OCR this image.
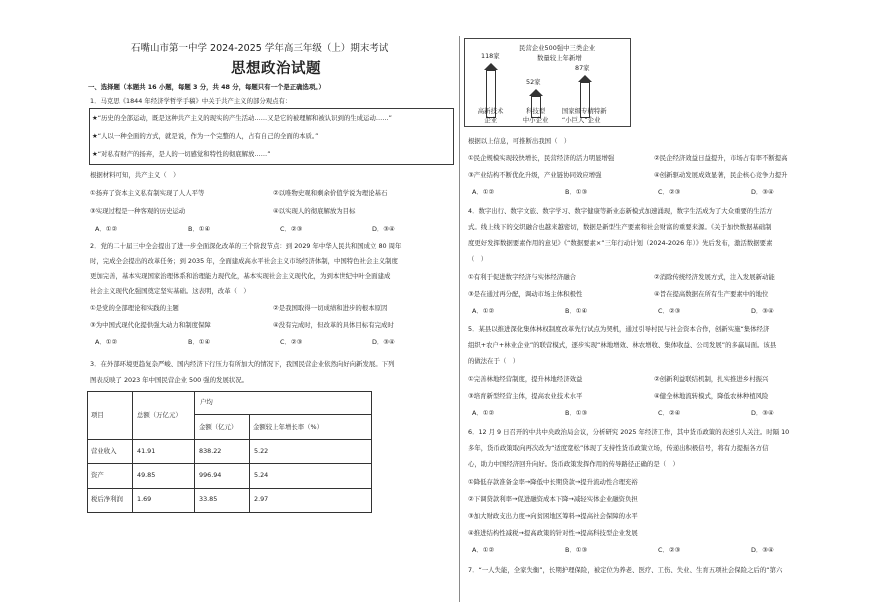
石嘴山市第一中学 2024-2025 学年高三年级（上）期末考试
思想政治试题
一、选择题（本题共 16 小题，每题 3 分，共 48 分，每题只有一个是正确选项。）
1．马克思《1844 年经济学哲学手稿》中关于共产主义的部分观点有：
★“历史的全部运动，既是这种共产主义的现实的产生活动……又是它的被理解和被认识到的生成运动……”
★“人以一种全面的方式，就是说，作为一个完整的人，占有自己的全面的本质。”
★“对私有财产的扬弃，是人的一切感觉和特性的彻底解放……”
根据材料可知，共产主义（　）
①扬弃了资本主义私有制实现了人人平等	②以唯物史观和剩余价值学说为理论基石
③实现过程是一种客观的历史运动	④以实现人的彻底解放为目标
A．①②	B．①④	C．②③	D．③④
2．党的二十届三中全会提出了进一步全面深化改革的三个阶段节点：到 2029 年中华人民共和国成立 80 周年
时，完成全会提出的改革任务；到 2035 年，全面建成高水平社会主义市场经济体制，中国特色社会主义制度
更加完善，基本实现国家治理体系和治理能力现代化，基本实现社会主义现代化，为到本世纪中叶全面建成
社会主义现代化强国奠定坚实基础。这表明，改革（　）
①是党的全部理论和实践的主题	②是我国取得一切成绩和进步的根本原因
③为中国式现代化提供强大动力和制度保障	④没有完成时，但改革的具体目标有完成时
A．①②	B．①④	C．②③	D．③④
3．在外部环境更趋复杂严峻、国内经济下行压力有所加大的情况下，我国民营企业依然向好向新发展。下列
图表反映了 2023 年中国民营企业 500 强的发展状况。
户均
项目	总额（万亿元）
金额（亿元） 金额较上年增长率（%）
营业收入	41.91	838.22	5.22
资产	49.85	996.94	5.24
税后净利润 1.69	33.85	2.97
民营企业500强中三类企业
数量较上年新增
118家
高新技术
企业
52家
科技型
中小企业
87家
国家级专精特新
“小巨人”企业
根据以上信息，可推断出我国（　）
①民企规模实现较快增长，民营经济的活力明显增强	②民企经济效益日益提升，市场占有率不断提高
③产业结构不断优化升级，产业链协同效应增强	④创新驱动发展成效显著，民企核心竞争力提升
A．①②	B．①③	C．②③	D．③④
4．数字出行、数字文旅、数字学习、数字健康等新业态新模式加速涌现，数字生活成为了大众重要的生活方
式。线上线下的交织融合也越来越密切，数据是新型生产要素和社会财富的重要来源。《关于加快数据基础制
度更好发挥数据要素作用的意见》《“数据要素×”三年行动计划（2024-2026 年）》先后发布，激活数据要素
（　）
①有利于促进数字经济与实体经济融合	②消除传统经济发展方式，注入发展新动能
③是在通过再分配，调动市场主体积极性	④旨在提高数据在所有生产要素中的地位
A．①②	B．①④	C．②③	D．③④
5．某县以推进深化集体林权制度改革先行试点为契机，通过引导村民与社会资本合作，创新实施“集体经济
组织+农户+林业企业”的联营模式，逐步实现“林地增效、林农增收、集体收益、公司发展”的多赢局面。该县
的做法在于（　）
①完善林地经营制度，提升林地经济效益	②创新利益联结机制，扎实推进乡村振兴
③培育新型经营主体，提高农业技术水平	④健全林地流转模式，降低农林种植风险
A．①②	B．①③	C．②④	D．③④
6．12 月 9 日召开的中共中央政治局会议，分析研究 2025 年经济工作，其中货币政策的表述引人关注。时隔 10
多年，货币政策取向再次改为“适度宽松”体现了支持性货币政策立场，传递出积极信号，将有力提振各方信
心，助力中国经济回升向好。货币政策发挥作用的传导路径正确的是（　）
①降低存款准备金率→降低中长期贷款→提升流动性合理充裕
②下调贷款利率→促进融资成本下降→减轻实体企业融资负担
③加大财政支出力度→向贫困地区筹料→提高社会保障的水平
④推进结构性减税→提高政策的针对性→提高科技型企业发展
A．①②	B．①③	C．②③	D．③④
7．“一人失能，全家失衡”，长期护理保险，被定位为养老、医疗、工伤、失业、生育五项社会保险之后的“第六
